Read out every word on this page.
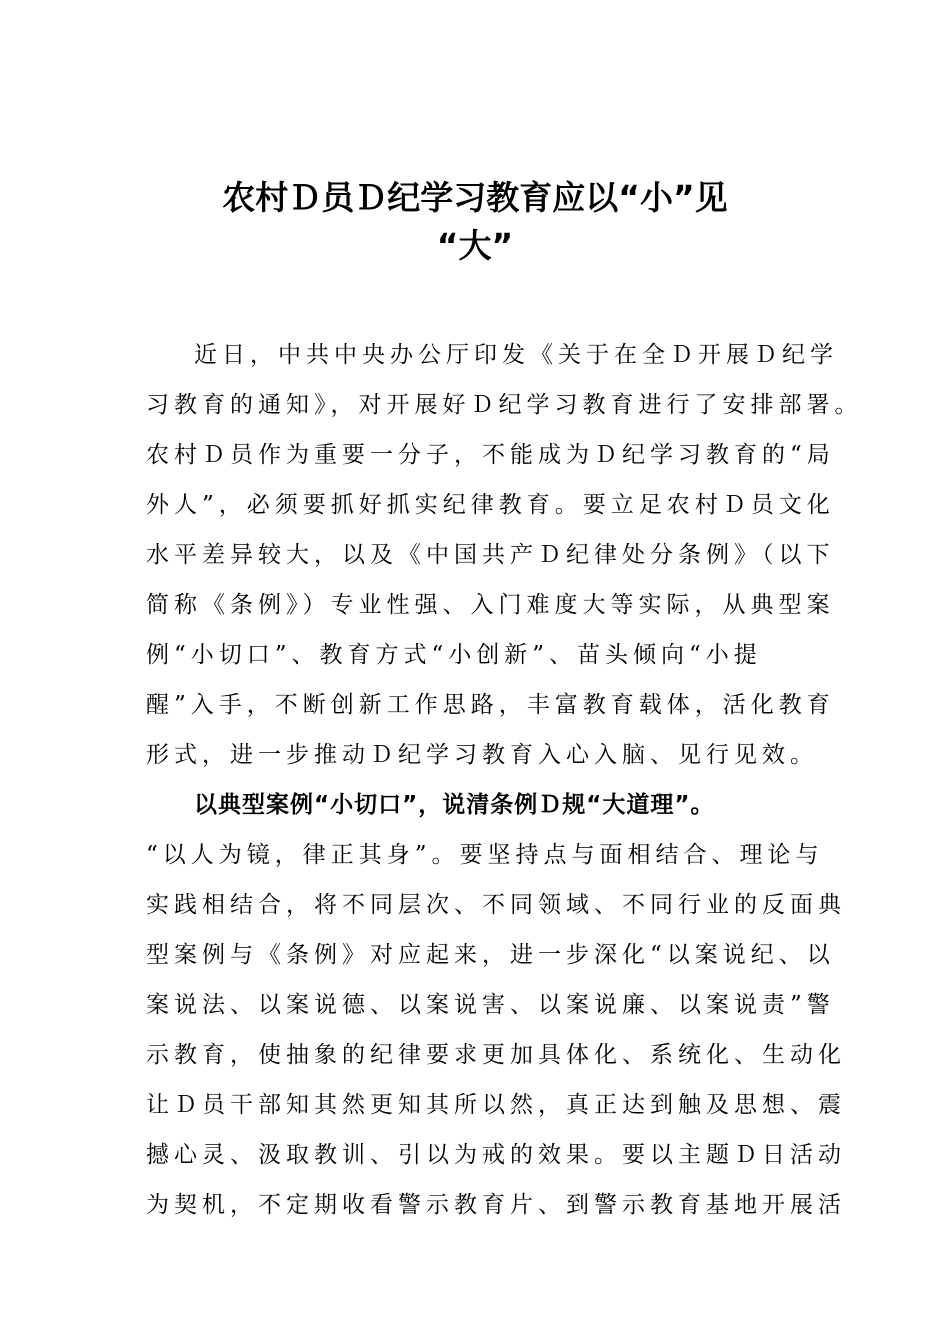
农村Ｄ员Ｄ纪学习教育应以“小”见
“大”
近日，中共中央办公厅印发《关于在全Ｄ开展Ｄ纪学
习教育的通知》，对开展好Ｄ纪学习教育进行了安排部署。
农村Ｄ员作为重要一分子，不能成为Ｄ纪学习教育的“局
外人”，必须要抓好抓实纪律教育。要立足农村Ｄ员文化
水平差异较大，以及《中国共产Ｄ纪律处分条例》（以下
简称《条例》）专业性强、入门难度大等实际，从典型案
例“小切口”、教育方式“小创新”、苗头倾向“小提
醒”入手，不断创新工作思路，丰富教育载体，活化教育
形式，进一步推动Ｄ纪学习教育入心入脑、见行见效。
以典型案例“小切口”，说清条例Ｄ规“大道理”。
“以人为镜，律正其身”。要坚持点与面相结合、理论与
实践相结合，将不同层次、不同领域、不同行业的反面典
型案例与《条例》对应起来，进一步深化“以案说纪、以
案说法、以案说德、以案说害、以案说廉、以案说责”警
示教育，使抽象的纪律要求更加具体化、系统化、生动化
让Ｄ员干部知其然更知其所以然，真正达到触及思想、震
撼心灵、汲取教训、引以为戒的效果。要以主题Ｄ日活动
为契机，不定期收看警示教育片、到警示教育基地开展活
